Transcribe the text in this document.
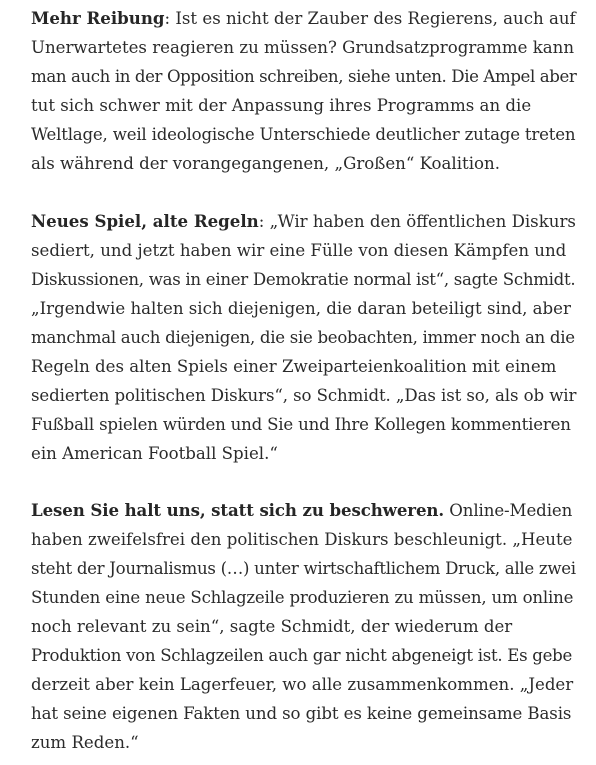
Mehr Reibung: Ist es nicht der Zauber des Regierens, auch auf
Unerwartetes reagieren zu müssen? Grundsatzprogramme kann
man auch in der Opposition schreiben, siehe unten. Die Ampel aber
tut sich schwer mit der Anpassung ihres Programms an die
Weltlage, weil ideologische Unterschiede deutlicher zutage treten
als während der vorangegangenen, „Großen“ Koalition.

Neues Spiel, alte Regeln: „Wir haben den öffentlichen Diskurs
sediert, und jetzt haben wir eine Fülle von diesen Kämpfen und
Diskussionen, was in einer Demokratie normal ist“, sagte Schmidt.
„Irgendwie halten sich diejenigen, die daran beteiligt sind, aber
manchmal auch diejenigen, die sie beobachten, immer noch an die
Regeln des alten Spiels einer Zweiparteienkoalition mit einem
sedierten politischen Diskurs“, so Schmidt. „Das ist so, als ob wir
Fußball spielen würden und Sie und Ihre Kollegen kommentieren
ein American Football Spiel.“

Lesen Sie halt uns, statt sich zu beschweren. Online-Medien
haben zweifelsfrei den politischen Diskurs beschleunigt. „Heute
steht der Journalismus (…) unter wirtschaftlichem Druck, alle zwei
Stunden eine neue Schlagzeile produzieren zu müssen, um online
noch relevant zu sein“, sagte Schmidt, der wiederum der
Produktion von Schlagzeilen auch gar nicht abgeneigt ist. Es gebe
derzeit aber kein Lagerfeuer, wo alle zusammenkommen. „Jeder
hat seine eigenen Fakten und so gibt es keine gemeinsame Basis
zum Reden.“
